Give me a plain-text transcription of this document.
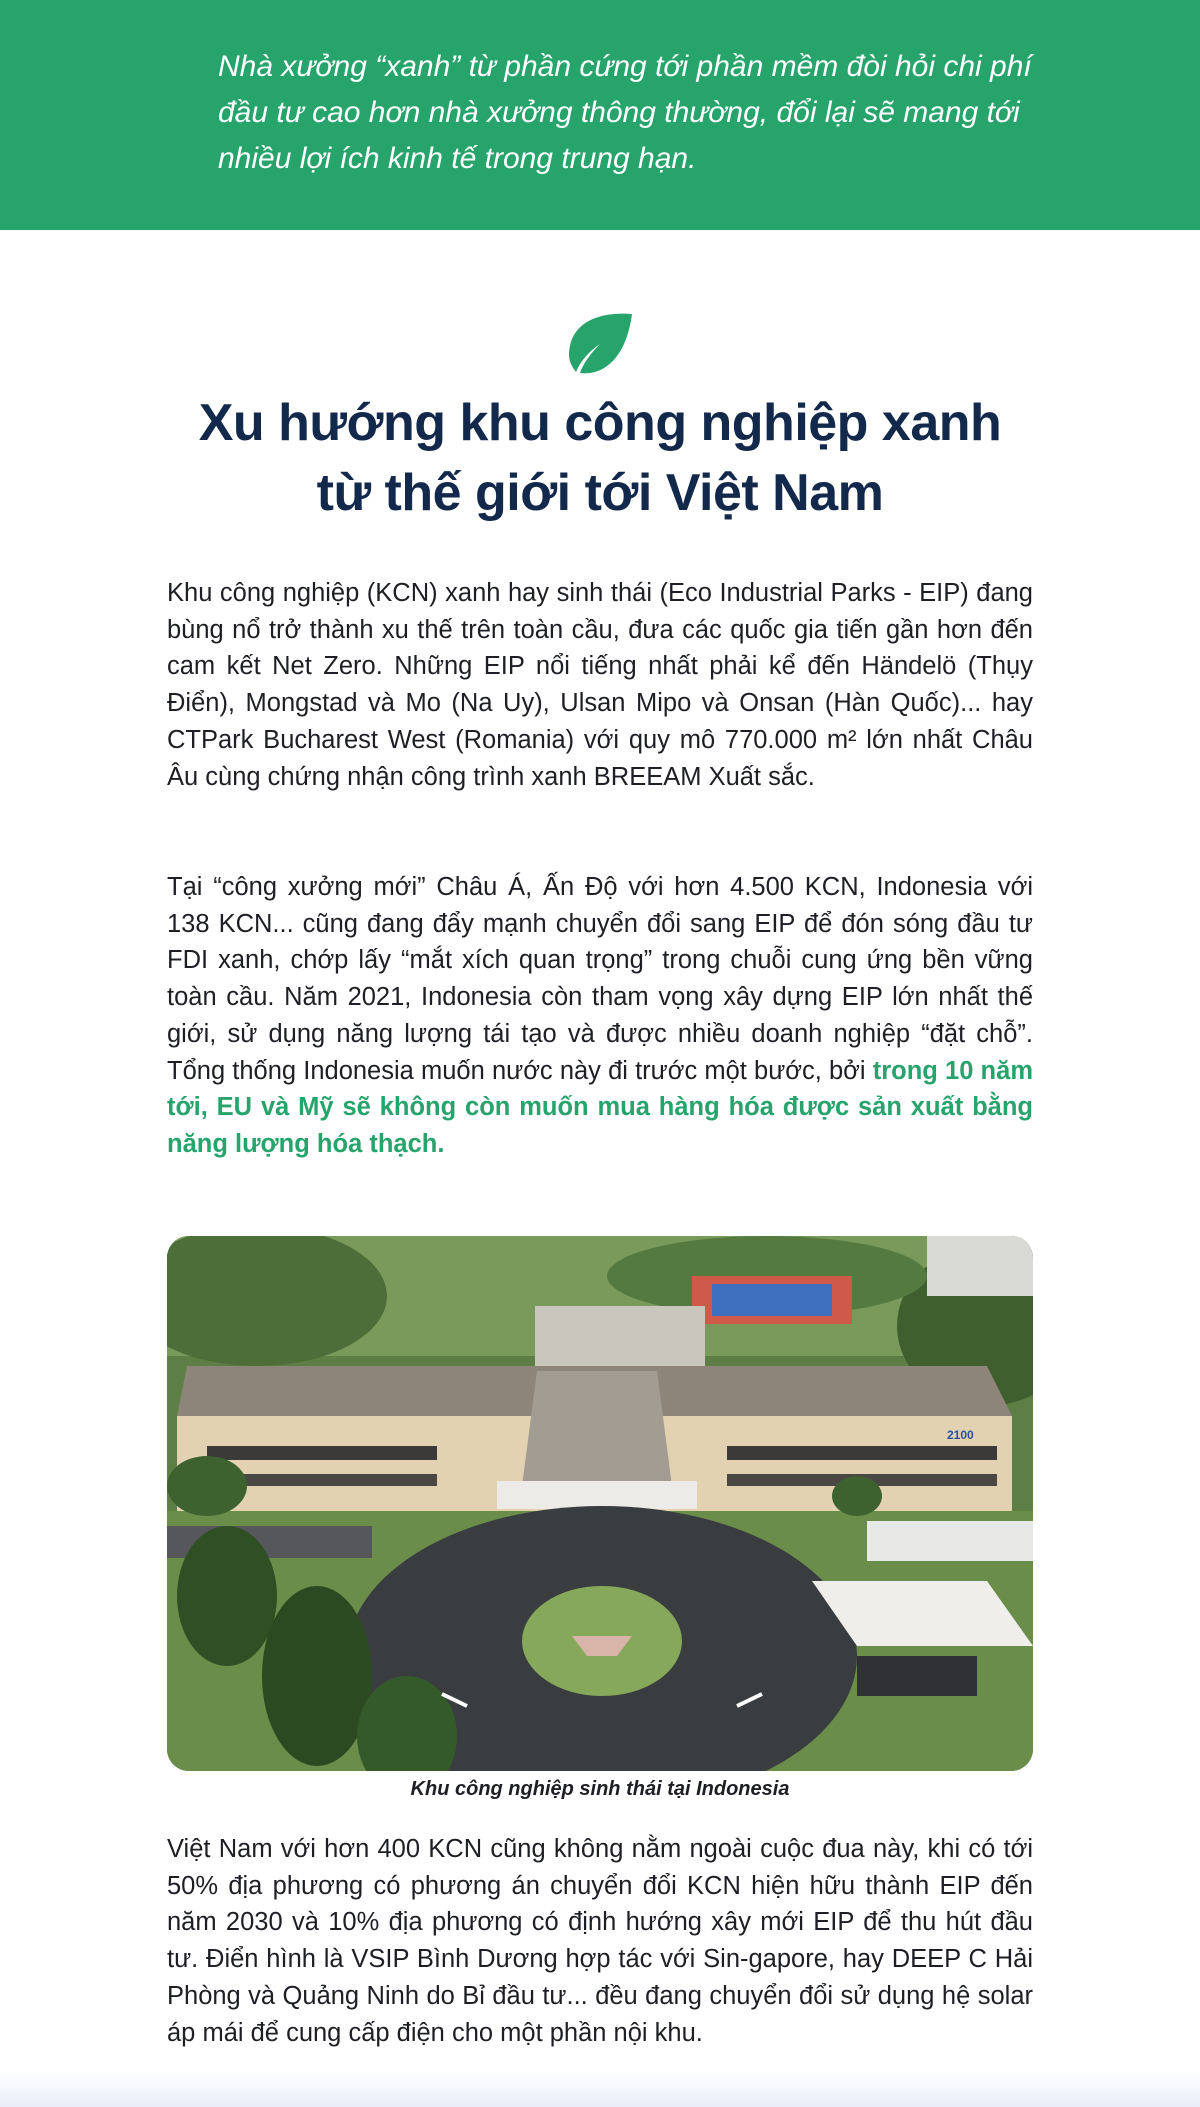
Nhà xưởng “xanh” từ phần cứng tới phần mềm đòi hỏi chi phí đầu tư cao hơn nhà xưởng thông thường, đổi lại sẽ mang tới nhiều lợi ích kinh tế trong trung hạn.

Xu hướng khu công nghiệp xanh
từ thế giới tới Việt Nam

Khu công nghiệp (KCN) xanh hay sinh thái (Eco Industrial Parks - EIP) đang bùng nổ trở thành xu thế trên toàn cầu, đưa các quốc gia tiến gần hơn đến cam kết Net Zero. Những EIP nổi tiếng nhất phải kể đến Händelö (Thụy Điển), Mongstad và Mo (Na Uy), Ulsan Mipo và Onsan (Hàn Quốc)... hay CTPark Bucharest West (Romania) với quy mô 770.000 m² lớn nhất Châu Âu cùng chứng nhận công trình xanh BREEAM Xuất sắc.

Tại “công xưởng mới” Châu Á, Ấn Độ với hơn 4.500 KCN, Indonesia với 138 KCN... cũng đang đẩy mạnh chuyển đổi sang EIP để đón sóng đầu tư FDI xanh, chớp lấy “mắt xích quan trọng” trong chuỗi cung ứng bền vững toàn cầu. Năm 2021, Indonesia còn tham vọng xây dựng EIP lớn nhất thế giới, sử dụng năng lượng tái tạo và được nhiều doanh nghiệp “đặt chỗ”. Tổng thống Indonesia muốn nước này đi trước một bước, bởi trong 10 năm tới, EU và Mỹ sẽ không còn muốn mua hàng hóa được sản xuất bằng năng lượng hóa thạch.

2100

Khu công nghiệp sinh thái tại Indonesia

Việt Nam với hơn 400 KCN cũng không nằm ngoài cuộc đua này, khi có tới 50% địa phương có phương án chuyển đổi KCN hiện hữu thành EIP đến năm 2030 và 10% địa phương có định hướng xây mới EIP để thu hút đầu tư. Điển hình là VSIP Bình Dương hợp tác với Sin-gapore, hay DEEP C Hải Phòng và Quảng Ninh do Bỉ đầu tư... đều đang chuyển đổi sử dụng hệ solar áp mái để cung cấp điện cho một phần nội khu.
